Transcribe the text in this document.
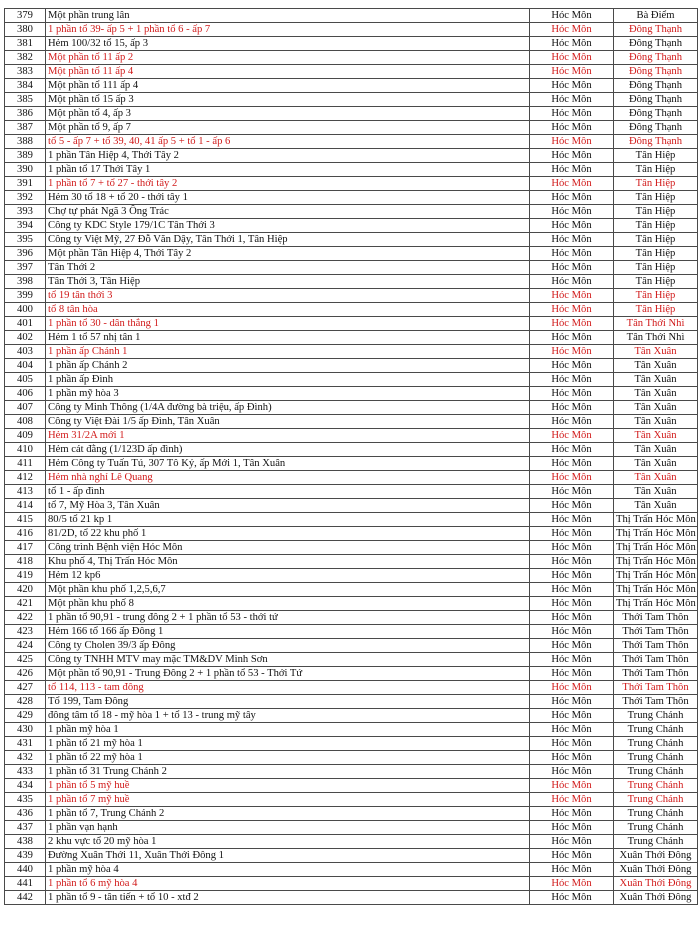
379	Một phần trung lân	Hóc Môn	Bà Điểm
380	1 phần tổ 39- ấp 5 + 1 phần tổ 6 - ấp 7	Hóc Môn	Đông Thạnh
381	Hẻm 100/32 tổ 15, ấp 3	Hóc Môn	Đông Thạnh
382	Một phần tổ 11 ấp 2	Hóc Môn	Đông Thạnh
383	Một phần tổ 11 ấp 4	Hóc Môn	Đông Thạnh
384	Một phần tổ 111 ấp 4	Hóc Môn	Đông Thạnh
385	Một phần tổ 15 ấp 3	Hóc Môn	Đông Thạnh
386	Một phần tổ 4, ấp 3	Hóc Môn	Đông Thạnh
387	Một phần tổ 9, ấp 7	Hóc Môn	Đông Thạnh
388	tổ 5 - ấp 7 + tổ 39, 40, 41 ấp 5 + tổ 1 - ấp 6	Hóc Môn	Đông Thạnh
389	1 phần Tân Hiệp 4, Thới Tây 2	Hóc Môn	Tân Hiệp
390	1 phần tổ 17 Thới Tây 1	Hóc Môn	Tân Hiệp
391	1 phần tổ 7 + tổ 27 - thới tây 2	Hóc Môn	Tân Hiệp
392	Hẻm 30 tổ 18 + tổ 20 - thới tây 1	Hóc Môn	Tân Hiệp
393	Chợ tự phát Ngã 3 Ông Trác	Hóc Môn	Tân Hiệp
394	Công ty KDC Style 179/1C Tân Thới 3	Hóc Môn	Tân Hiệp
395	Công ty Việt Mỹ, 27 Đỗ Văn Dậy, Tân Thới 1, Tân Hiệp	Hóc Môn	Tân Hiệp
396	Một phần Tân Hiệp 4, Thới Tây 2	Hóc Môn	Tân Hiệp
397	Tân Thới 2	Hóc Môn	Tân Hiệp
398	Tân Thới 3, Tân Hiệp	Hóc Môn	Tân Hiệp
399	tổ 19 tân thới 3	Hóc Môn	Tân Hiệp
400	tổ 8 tân hòa	Hóc Môn	Tân Hiệp
401	1 phần tổ 30 - dân thắng 1	Hóc Môn	Tân Thới Nhì
402	Hẻm 1 tổ 57 nhị tân 1	Hóc Môn	Tân Thới Nhì
403	1 phần ấp Chánh 1	Hóc Môn	Tân Xuân
404	1 phần ấp Chánh 2	Hóc Môn	Tân Xuân
405	1 phần ấp Đình	Hóc Môn	Tân Xuân
406	1 phần mỹ hòa 3	Hóc Môn	Tân Xuân
407	Công ty Minh Thông (1/4A đường bà triệu, ấp Đình)	Hóc Môn	Tân Xuân
408	Công ty Việt Đài 1/5 ấp Đình, Tân Xuân	Hóc Môn	Tân Xuân
409	Hẻm 31/2A mới 1	Hóc Môn	Tân Xuân
410	Hẻm cát đằng (1/123D ấp đình)	Hóc Môn	Tân Xuân
411	Hẻm Công ty Tuấn Tú, 307 Tô Ký, ấp Mới 1, Tân Xuân	Hóc Môn	Tân Xuân
412	Hẻm nhà nghỉ Lê Quang	Hóc Môn	Tân Xuân
413	tổ 1 - ấp đình	Hóc Môn	Tân Xuân
414	tổ 7, Mỹ Hòa 3, Tân Xuân	Hóc Môn	Tân Xuân
415	80/5 tổ 21 kp 1	Hóc Môn	Thị Trấn Hóc Môn
416	81/2D, tổ 22 khu phố 1	Hóc Môn	Thị Trấn Hóc Môn
417	Công trình Bệnh viện Hóc Môn	Hóc Môn	Thị Trấn Hóc Môn
418	Khu phố 4, Thị Trấn Hóc Môn	Hóc Môn	Thị Trấn Hóc Môn
419	Hẻm 12 kp6	Hóc Môn	Thị Trấn Hóc Môn
420	Một phần khu phố 1,2,5,6,7	Hóc Môn	Thị Trấn Hóc Môn
421	Một phần khu phố 8	Hóc Môn	Thị Trấn Hóc Môn
422	1 phần tổ 90,91 - trung đông 2 + 1 phần tổ 53 - thới tứ	Hóc Môn	Thới Tam Thôn
423	Hẻm 166 tổ 166 ấp Đông 1	Hóc Môn	Thới Tam Thôn
424	Công ty Cholen 39/3 ấp Đông	Hóc Môn	Thới Tam Thôn
425	Công ty TNHH MTV may mặc TM&DV Minh Sơn	Hóc Môn	Thới Tam Thôn
426	Một phần tổ 90,91 - Trung Đông 2 + 1 phần tổ 53 - Thới Tứ	Hóc Môn	Thới Tam Thôn
427	tổ 114, 113 - tam đông	Hóc Môn	Thới Tam Thôn
428	Tổ 199, Tam Đông	Hóc Môn	Thới Tam Thôn
429	đông tâm tổ 18 - mỹ hòa 1 + tổ 13 - trung mỹ tây	Hóc Môn	Trung Chánh
430	1 phần mỹ hòa 1	Hóc Môn	Trung Chánh
431	1 phần tổ 21 mỹ hòa 1	Hóc Môn	Trung Chánh
432	1 phần tổ 22 mỹ hòa 1	Hóc Môn	Trung Chánh
433	1 phần tổ 31 Trung Chánh 2	Hóc Môn	Trung Chánh
434	1 phần tổ 5 mỹ huề	Hóc Môn	Trung Chánh
435	1 phần tổ 7 mỹ huề	Hóc Môn	Trung Chánh
436	1 phần tổ 7, Trung Chánh 2	Hóc Môn	Trung Chánh
437	1 phần vạn hạnh	Hóc Môn	Trung Chánh
438	2 khu vực tổ 20 mỹ hòa 1	Hóc Môn	Trung Chánh
439	Đường Xuân Thới 11, Xuân Thới Đông 1	Hóc Môn	Xuân Thới Đông
440	1 phần mỹ hòa 4	Hóc Môn	Xuân Thới Đông
441	1 phần tổ 6 mỹ hòa 4	Hóc Môn	Xuân Thới Đông
442	1 phần tổ 9 - tân tiến + tổ 10 - xtđ 2	Hóc Môn	Xuân Thới Đông
